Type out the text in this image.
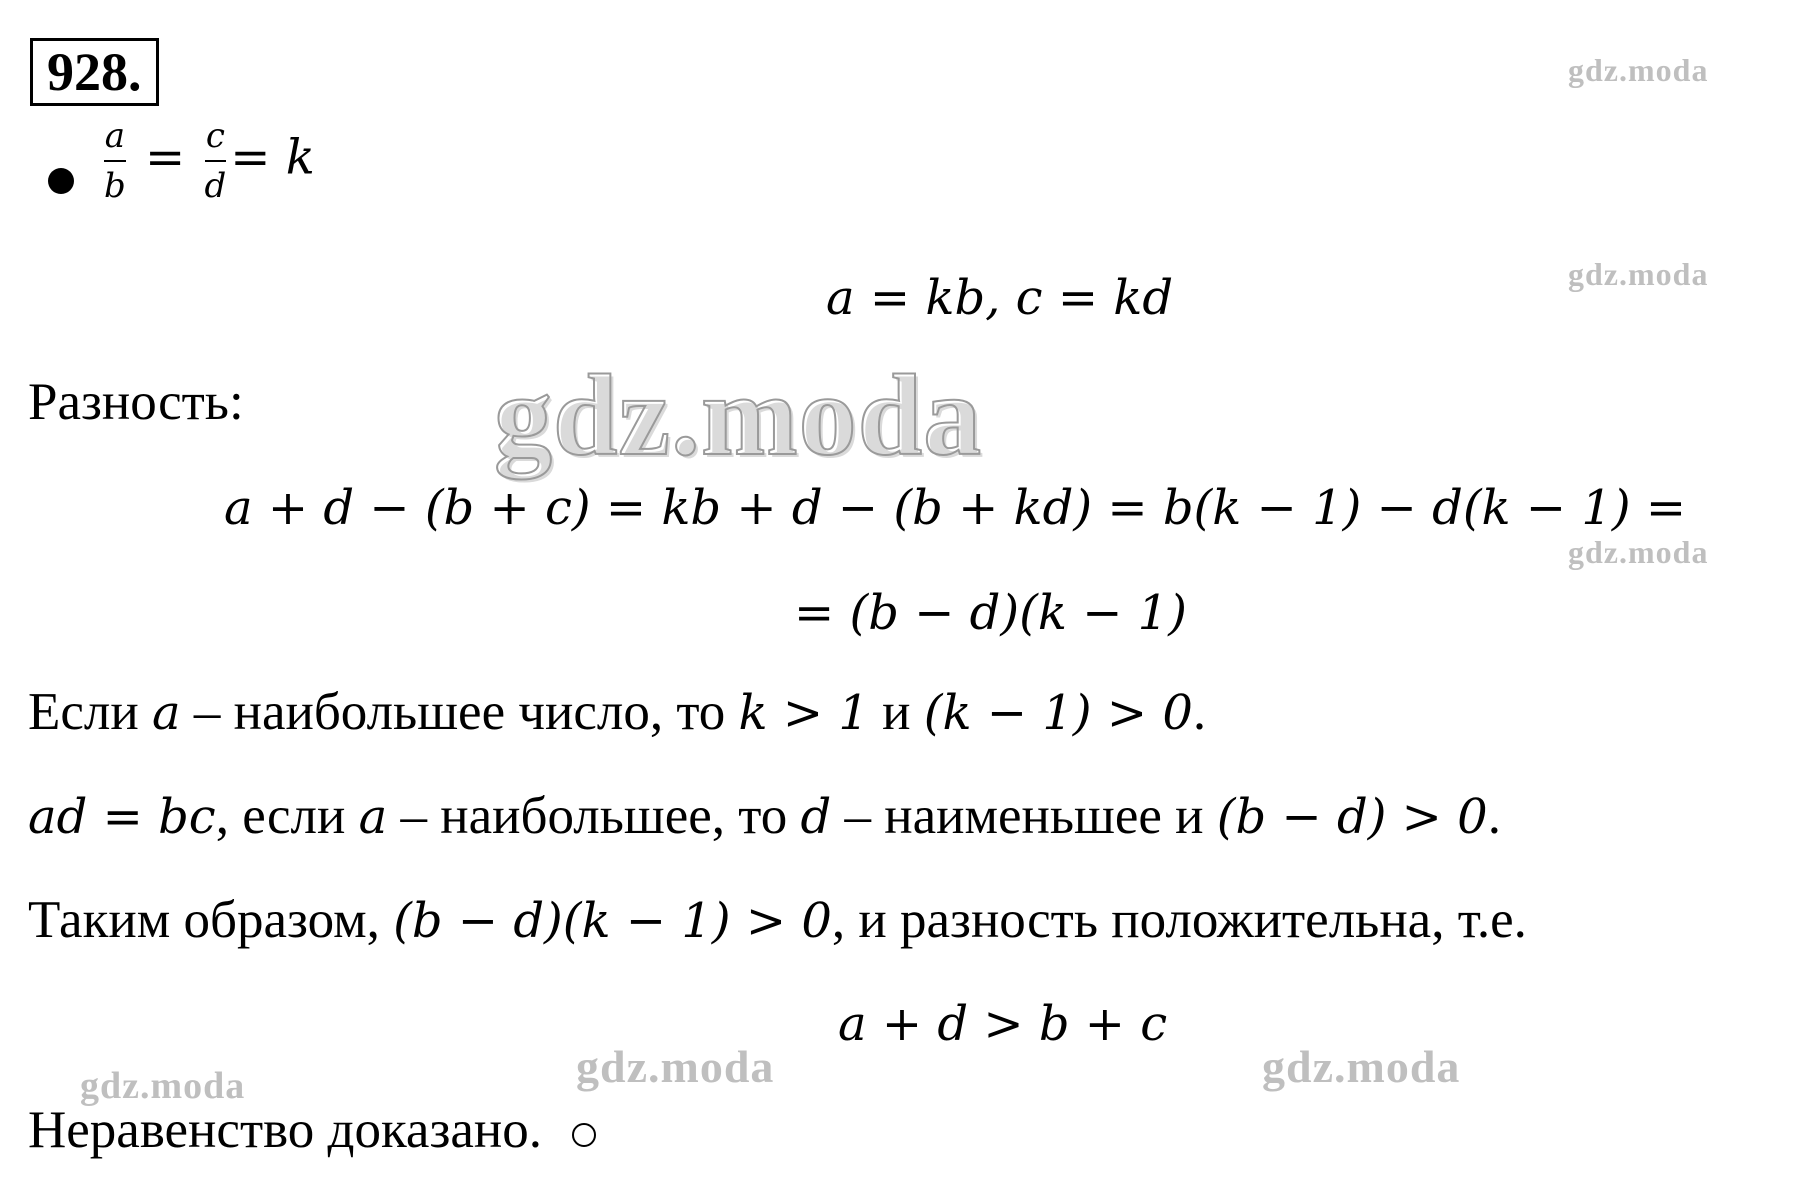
928.
$\frac{a}{b} = \frac{c}{d}= k$
a = kb, c = kd
Разность:
a + d − (b + c) = kb + d − (b + kd) = b(k − 1) − d(k − 1) =
= (b − d)(k − 1)
Если a – наибольшее число, то k > 1 и (k − 1) > 0.
ad = bc, если a – наибольшее, то d – наименьшее и (b − d) > 0.
Таким образом, (b − d)(k − 1) > 0, и разность положительна, т.е.
a + d > b + c
Неравенство доказано.
gdz.moda
gdz.moda
gdz.moda
gdz.moda
gdz.moda	gdz.moda	gdz.moda
